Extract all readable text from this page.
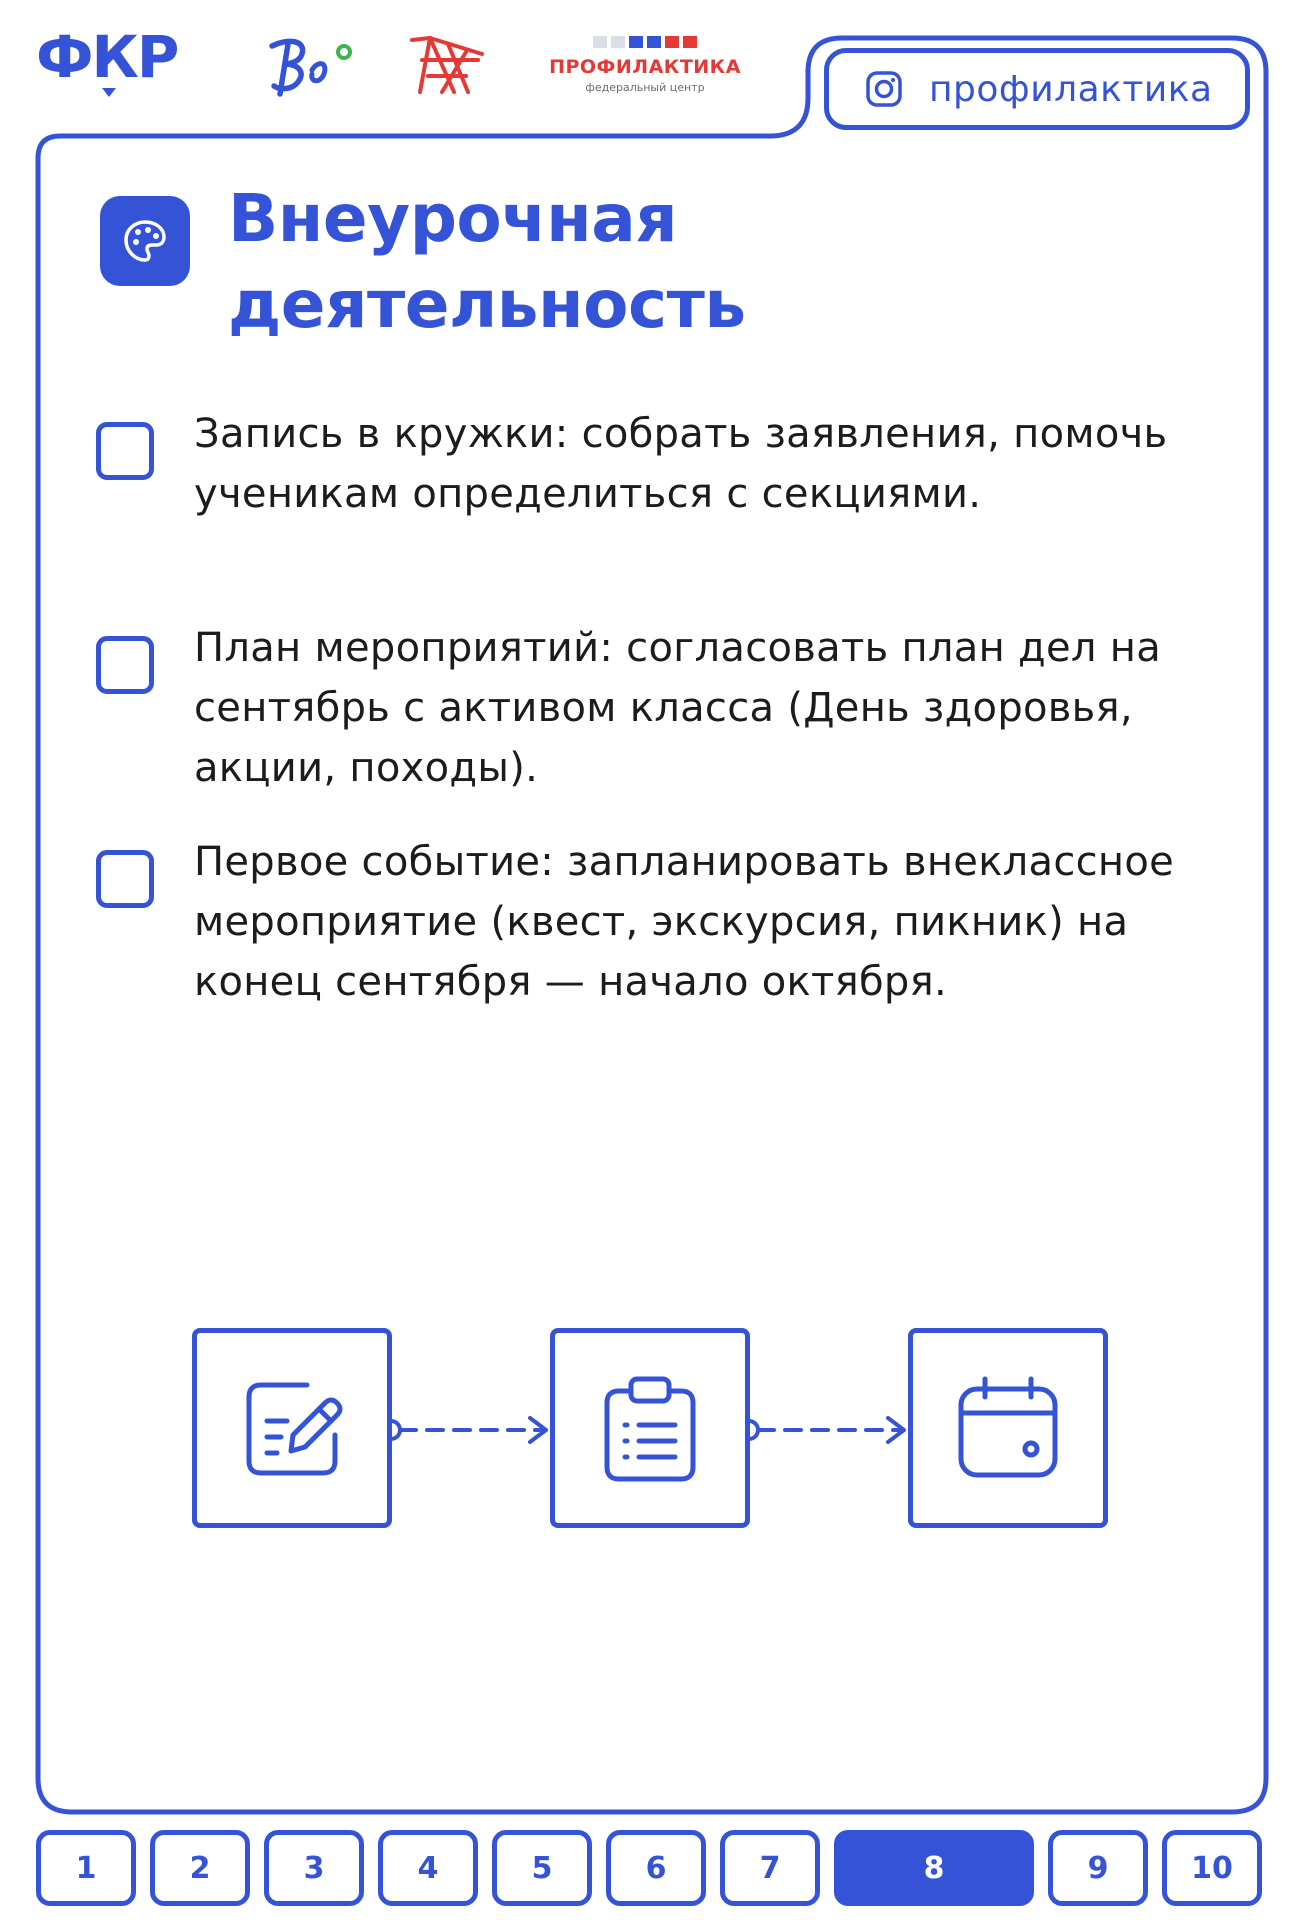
ФКР	ПРОФИЛАКТИКА
федеральный центр	профилактика
Внеурочная
деятельность
Запись в кружки: собрать заявления, помочь ученикам определиться с секциями.
План мероприятий: согласовать план дел на сентябрь с активом класса (День здоровья, акции, походы).
Первое событие: запланировать внеклассное мероприятие (квест, экскурсия, пикник) на конец сентября — начало октября.
1	2	3	4	5	6	7	8	9	10
